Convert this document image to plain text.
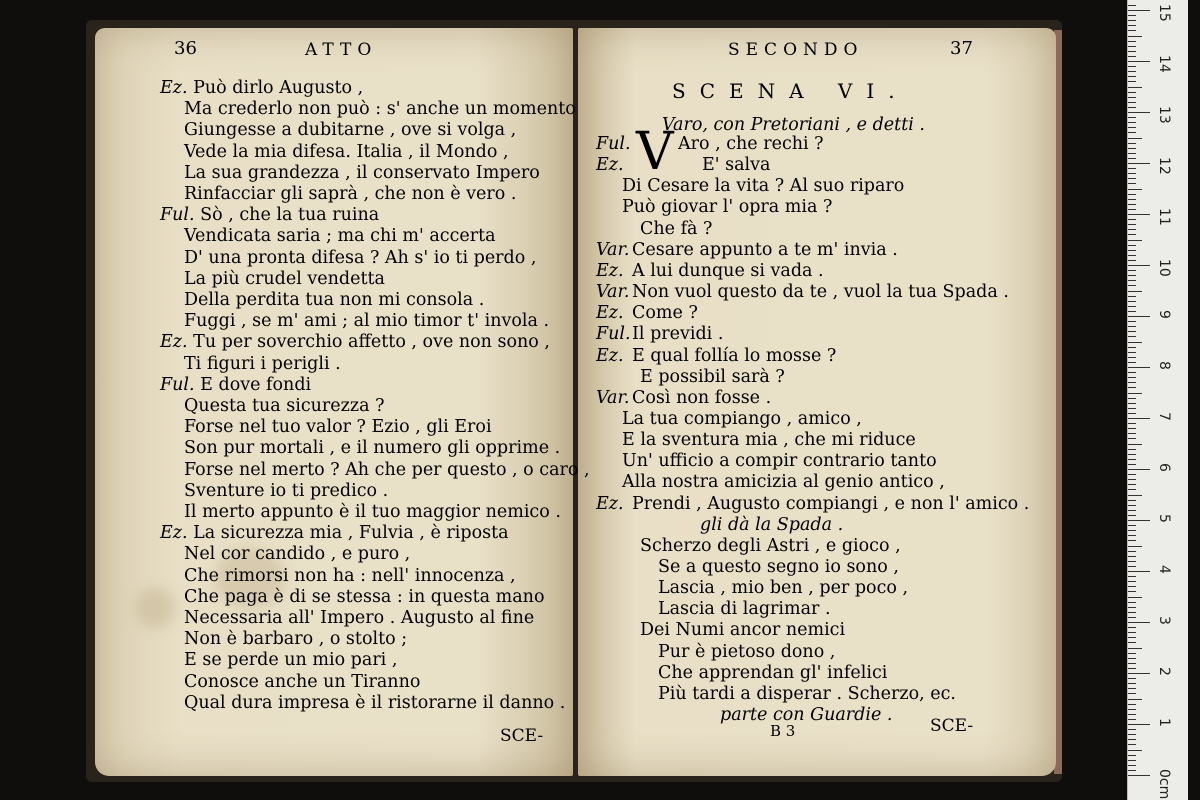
36	ATTO
Ez. Può dirlo Augusto ,
Ma crederlo non può : s' anche un momento
Giungesse a dubitarne , ove si volga ,
Vede la mia difesa. Italia , il Mondo ,
La sua grandezza , il conservato Impero
Rinfacciar gli saprà , che non è vero .
Ful. Sò , che la tua ruina
Vendicata saria ; ma chi m' accerta
D' una pronta difesa ? Ah s' io ti perdo ,
La più crudel vendetta
Della perdita tua non mi consola .
Fuggi , se m' ami ; al mio timor t' invola .
Ez. Tu per soverchio affetto , ove non sono ,
Ti figuri i perigli .
Ful. E dove fondi
Questa tua sicurezza ?
Forse nel tuo valor ? Ezio , gli Eroi
Son pur mortali , e il numero gli opprime .
Forse nel merto ? Ah che per questo , o caro ,
Sventure io ti predico .
Il merto appunto è il tuo maggior nemico .
Ez. La sicurezza mia , Fulvia , è riposta
Nel cor candido , e puro ,
Che rimorsi non ha : nell' innocenza ,
Che paga è di se stessa : in questa mano
Necessaria all' Impero . Augusto al fine
Non è barbaro , o stolto ;
E se perde un mio pari ,
Conosce anche un Tiranno
Qual dura impresa è il ristorarne il danno .
SCE-
SECONDO	37
SCENA VI.
Varo, con Pretoriani , e detti .
V
Ful.	Aro , che rechi ?
Ez.	E' salva
Di Cesare la vita ? Al suo riparo
Può giovar l' opra mia ?
Che fà ?
Var. Cesare appunto a te m' invia .
Ez. A lui dunque si vada .
Var. Non vuol questo da te , vuol la tua Spada .
Ez. Come ?
Ful. Il previdi .
Ez. E qual follía lo mosse ?
E possibil sarà ?
Var. Così non fosse .
La tua compiango , amico ,
E la sventura mia , che mi riduce
Un' ufficio a compir contrario tanto
Alla nostra amicizia al genio antico ,
Ez. Prendi , Augusto compiangi , e non l' amico .
gli dà la Spada .
Scherzo degli Astri , e gioco ,
Se a questo segno io sono ,
Lascia , mio ben , per poco ,
Lascia di lagrimar .
Dei Numi ancor nemici
Pur è pietoso dono ,
Che apprendan gl' infelici
Più tardi a disperar . Scherzo, ec.
parte con Guardie .
B 3	SCE-
0cm
1
2
3
4
5
6
7
8
9
10
11
12
13
14
15
